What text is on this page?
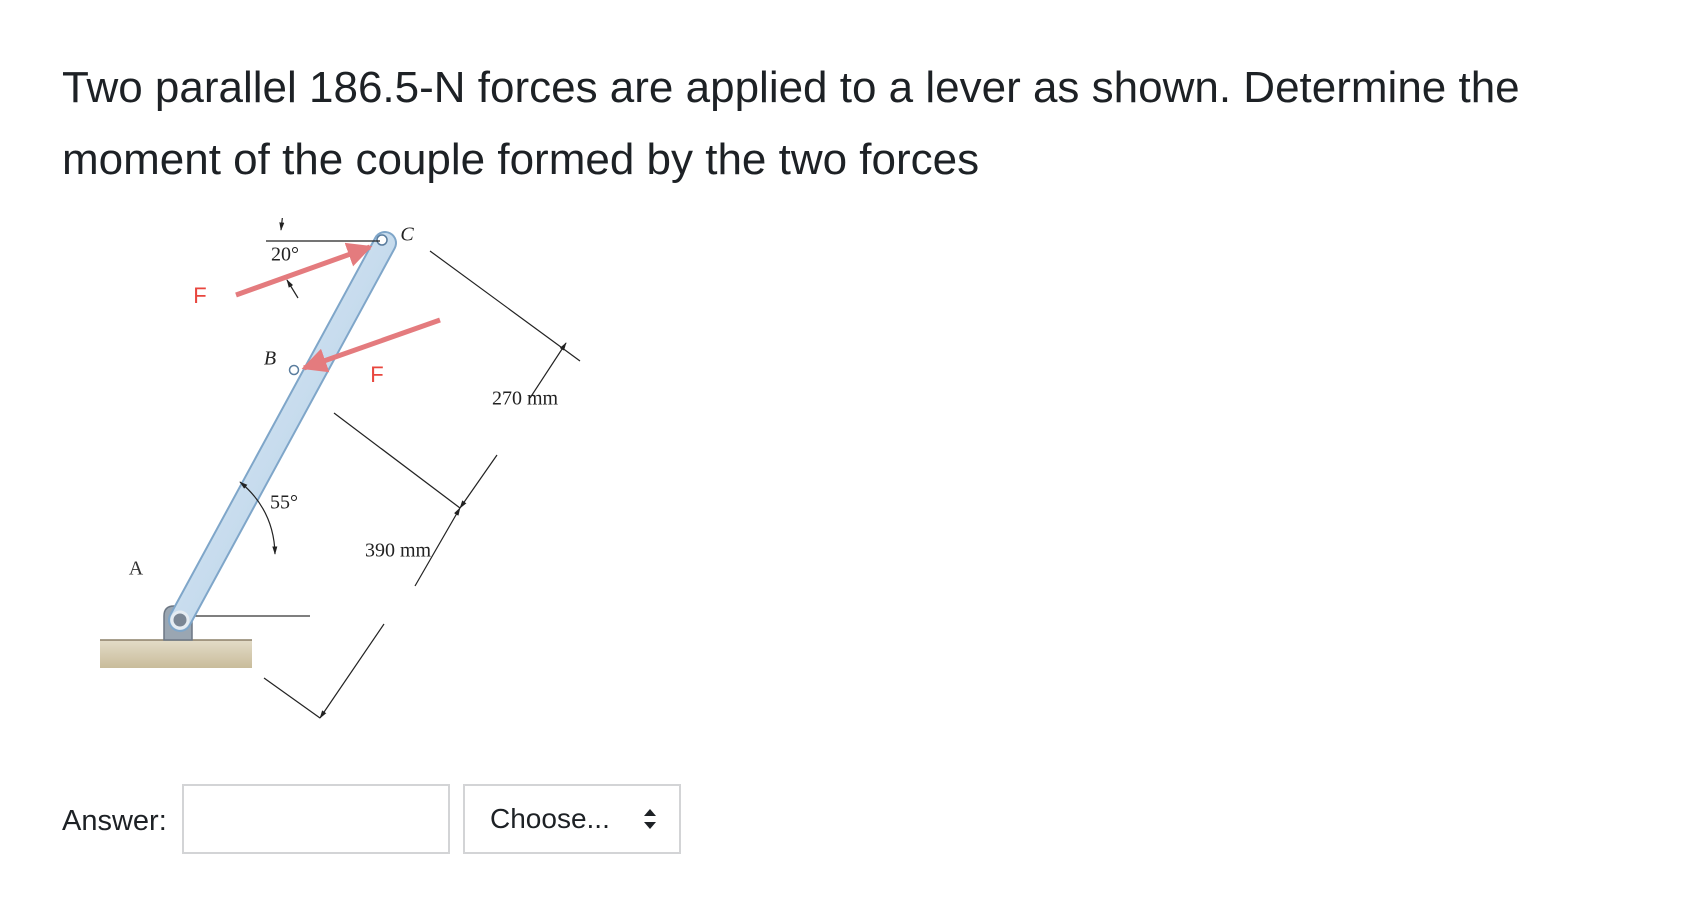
Two parallel 186.5-N forces are applied to a lever as shown. Determine the moment of the couple formed by the two forces
A
B
C
F
F
20°
55°
270 mm
390 mm
Answer:	Choose...
